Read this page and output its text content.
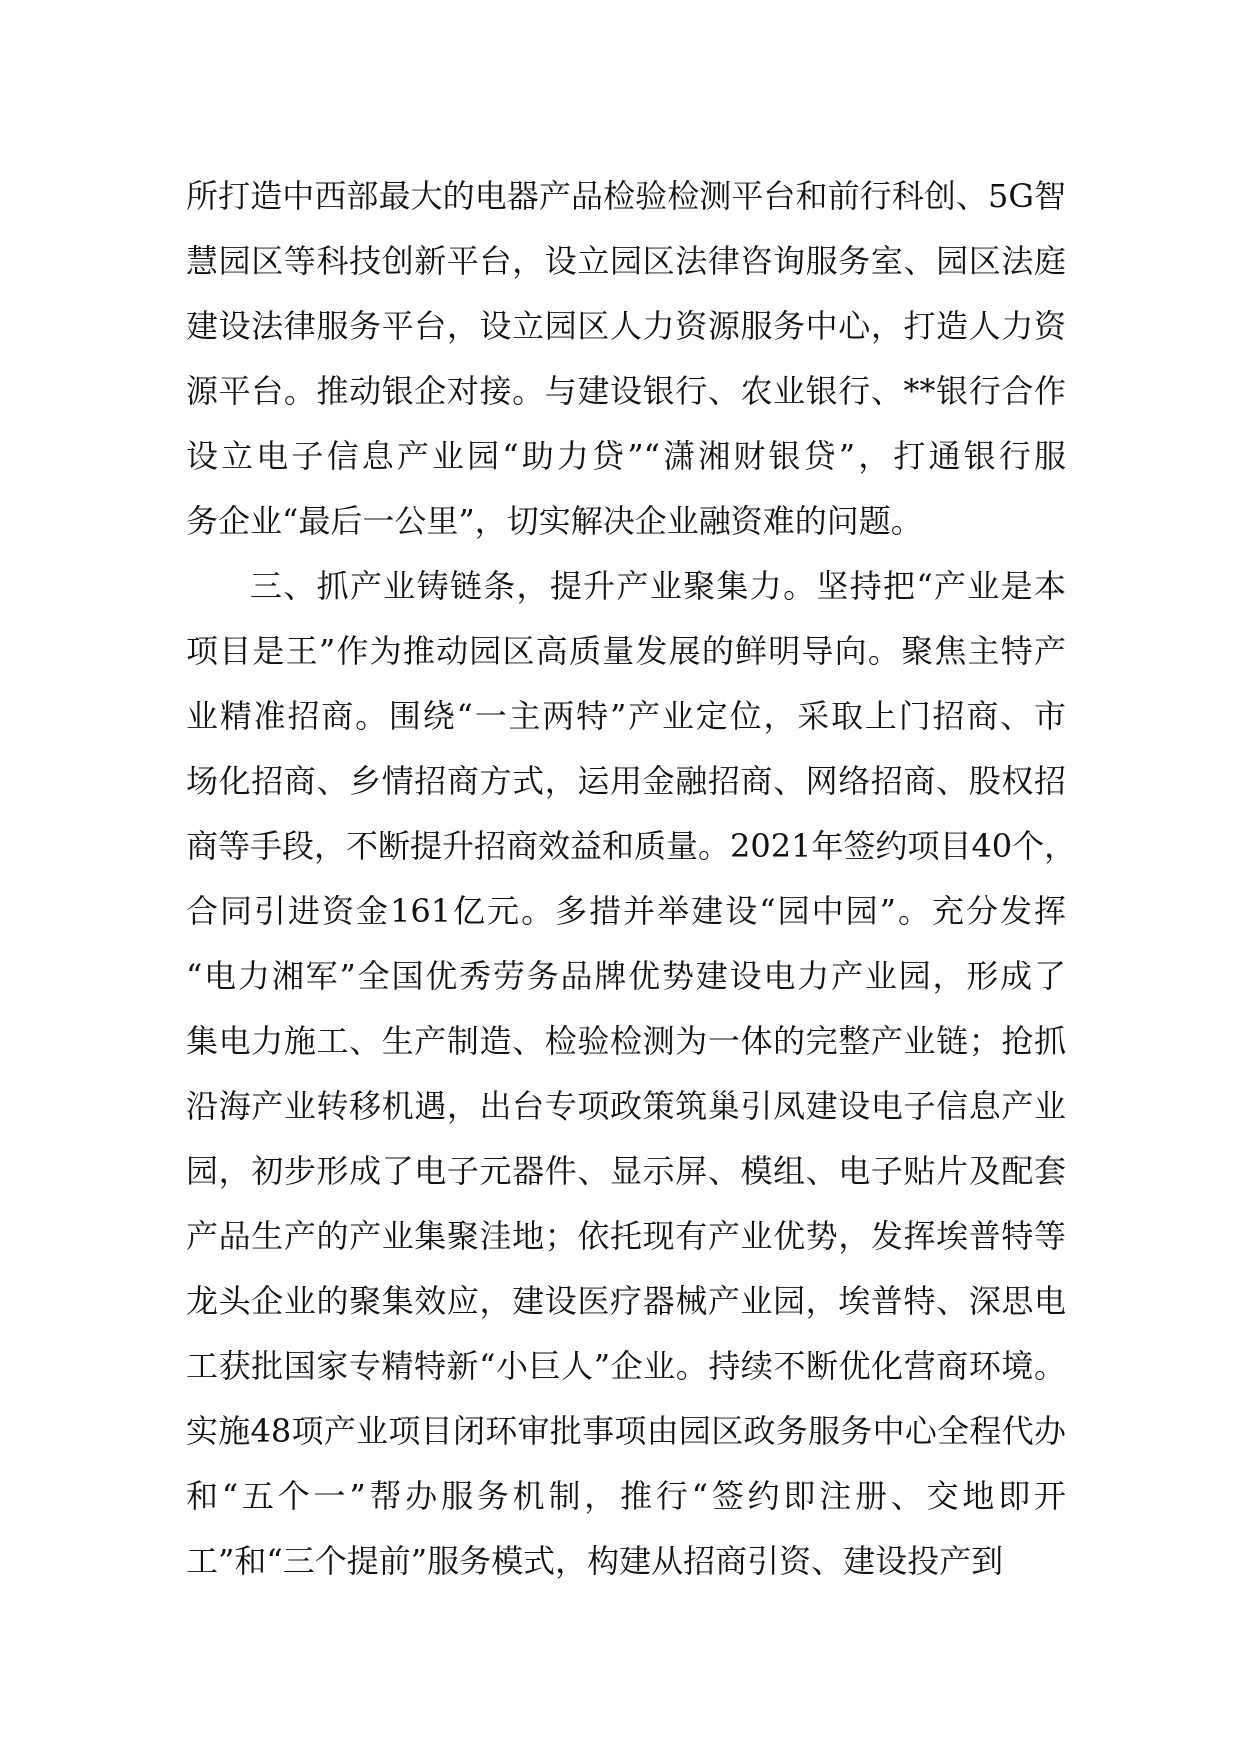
所打造中西部最大的电器产品检验检测平台和前行科创、5G智
慧园区等科技创新平台，设立园区法律咨询服务室、园区法庭
建设法律服务平台，设立园区人力资源服务中心，打造人力资
源平台。推动银企对接。与建设银行、农业银行、**银行合作
设立电子信息产业园“助力贷”“潇湘财银贷”，打通银行服
务企业“最后一公里”，切实解决企业融资难的问题。
三、抓产业铸链条，提升产业聚集力。坚持把“产业是本
项目是王”作为推动园区高质量发展的鲜明导向。聚焦主特产
业精准招商。围绕“一主两特”产业定位，采取上门招商、市
场化招商、乡情招商方式，运用金融招商、网络招商、股权招
商等手段，不断提升招商效益和质量。2021年签约项目40个，
合同引进资金161亿元。多措并举建设“园中园”。充分发挥
“电力湘军”全国优秀劳务品牌优势建设电力产业园，形成了
集电力施工、生产制造、检验检测为一体的完整产业链；抢抓
沿海产业转移机遇，出台专项政策筑巢引凤建设电子信息产业
园，初步形成了电子元器件、显示屏、模组、电子贴片及配套
产品生产的产业集聚洼地；依托现有产业优势，发挥埃普特等
龙头企业的聚集效应，建设医疗器械产业园，埃普特、深思电
工获批国家专精特新“小巨人”企业。持续不断优化营商环境。
实施48项产业项目闭环审批事项由园区政务服务中心全程代办
和“五个一”帮办服务机制，推行“签约即注册、交地即开
工”和“三个提前”服务模式，构建从招商引资、建设投产到
